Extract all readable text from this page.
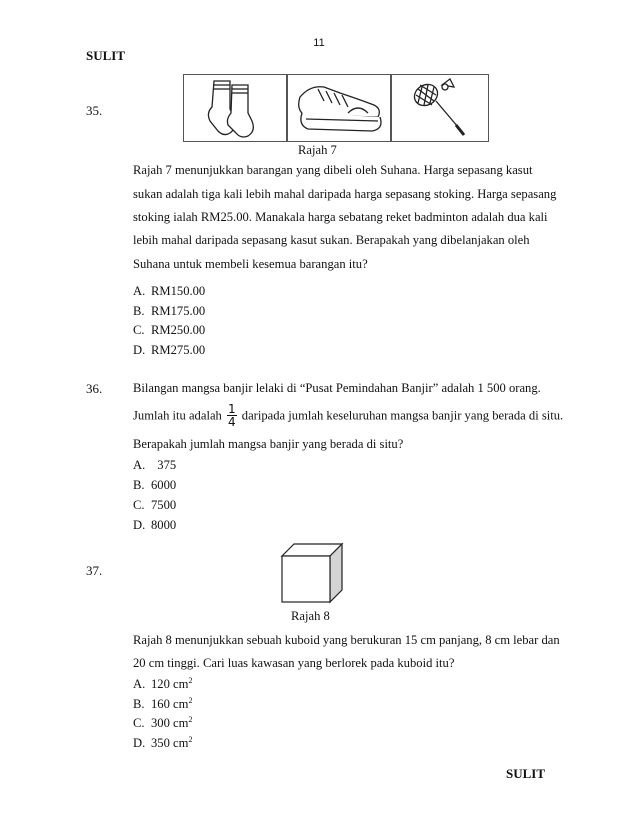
11
SULIT
35.
Rajah 7
Rajah 7 menunjukkan barangan yang dibeli oleh Suhana. Harga sepasang kasut
sukan adalah tiga kali lebih mahal daripada harga sepasang stoking. Harga sepasang
stoking ialah RM25.00. Manakala harga sebatang reket badminton adalah dua kali
lebih mahal daripada sepasang kasut sukan. Berapakah yang dibelanjakan oleh
Suhana untuk membeli kesemua barangan itu?
A. RM150.00
B. RM175.00
C. RM250.00
D. RM275.00
36. Bilangan mangsa banjir lelaki di “Pusat Pemindahan Banjir” adalah 1 500 orang.
Jumlah itu adalah $\frac{1}{4}$ daripada jumlah keseluruhan mangsa banjir yang berada di situ.
Berapakah jumlah mangsa banjir yang berada di situ?
A.  375
B. 6000
C. 7500
D. 8000
37.
Rajah 8
Rajah 8 menunjukkan sebuah kuboid yang berukuran 15 cm panjang, 8 cm lebar dan
20 cm tinggi. Cari luas kawasan yang berlorek pada kuboid itu?
A. 120 $cm^2$
B. 160 $cm^2$
C. 300 $cm^2$
D. 350 $cm^2$
SULIT
